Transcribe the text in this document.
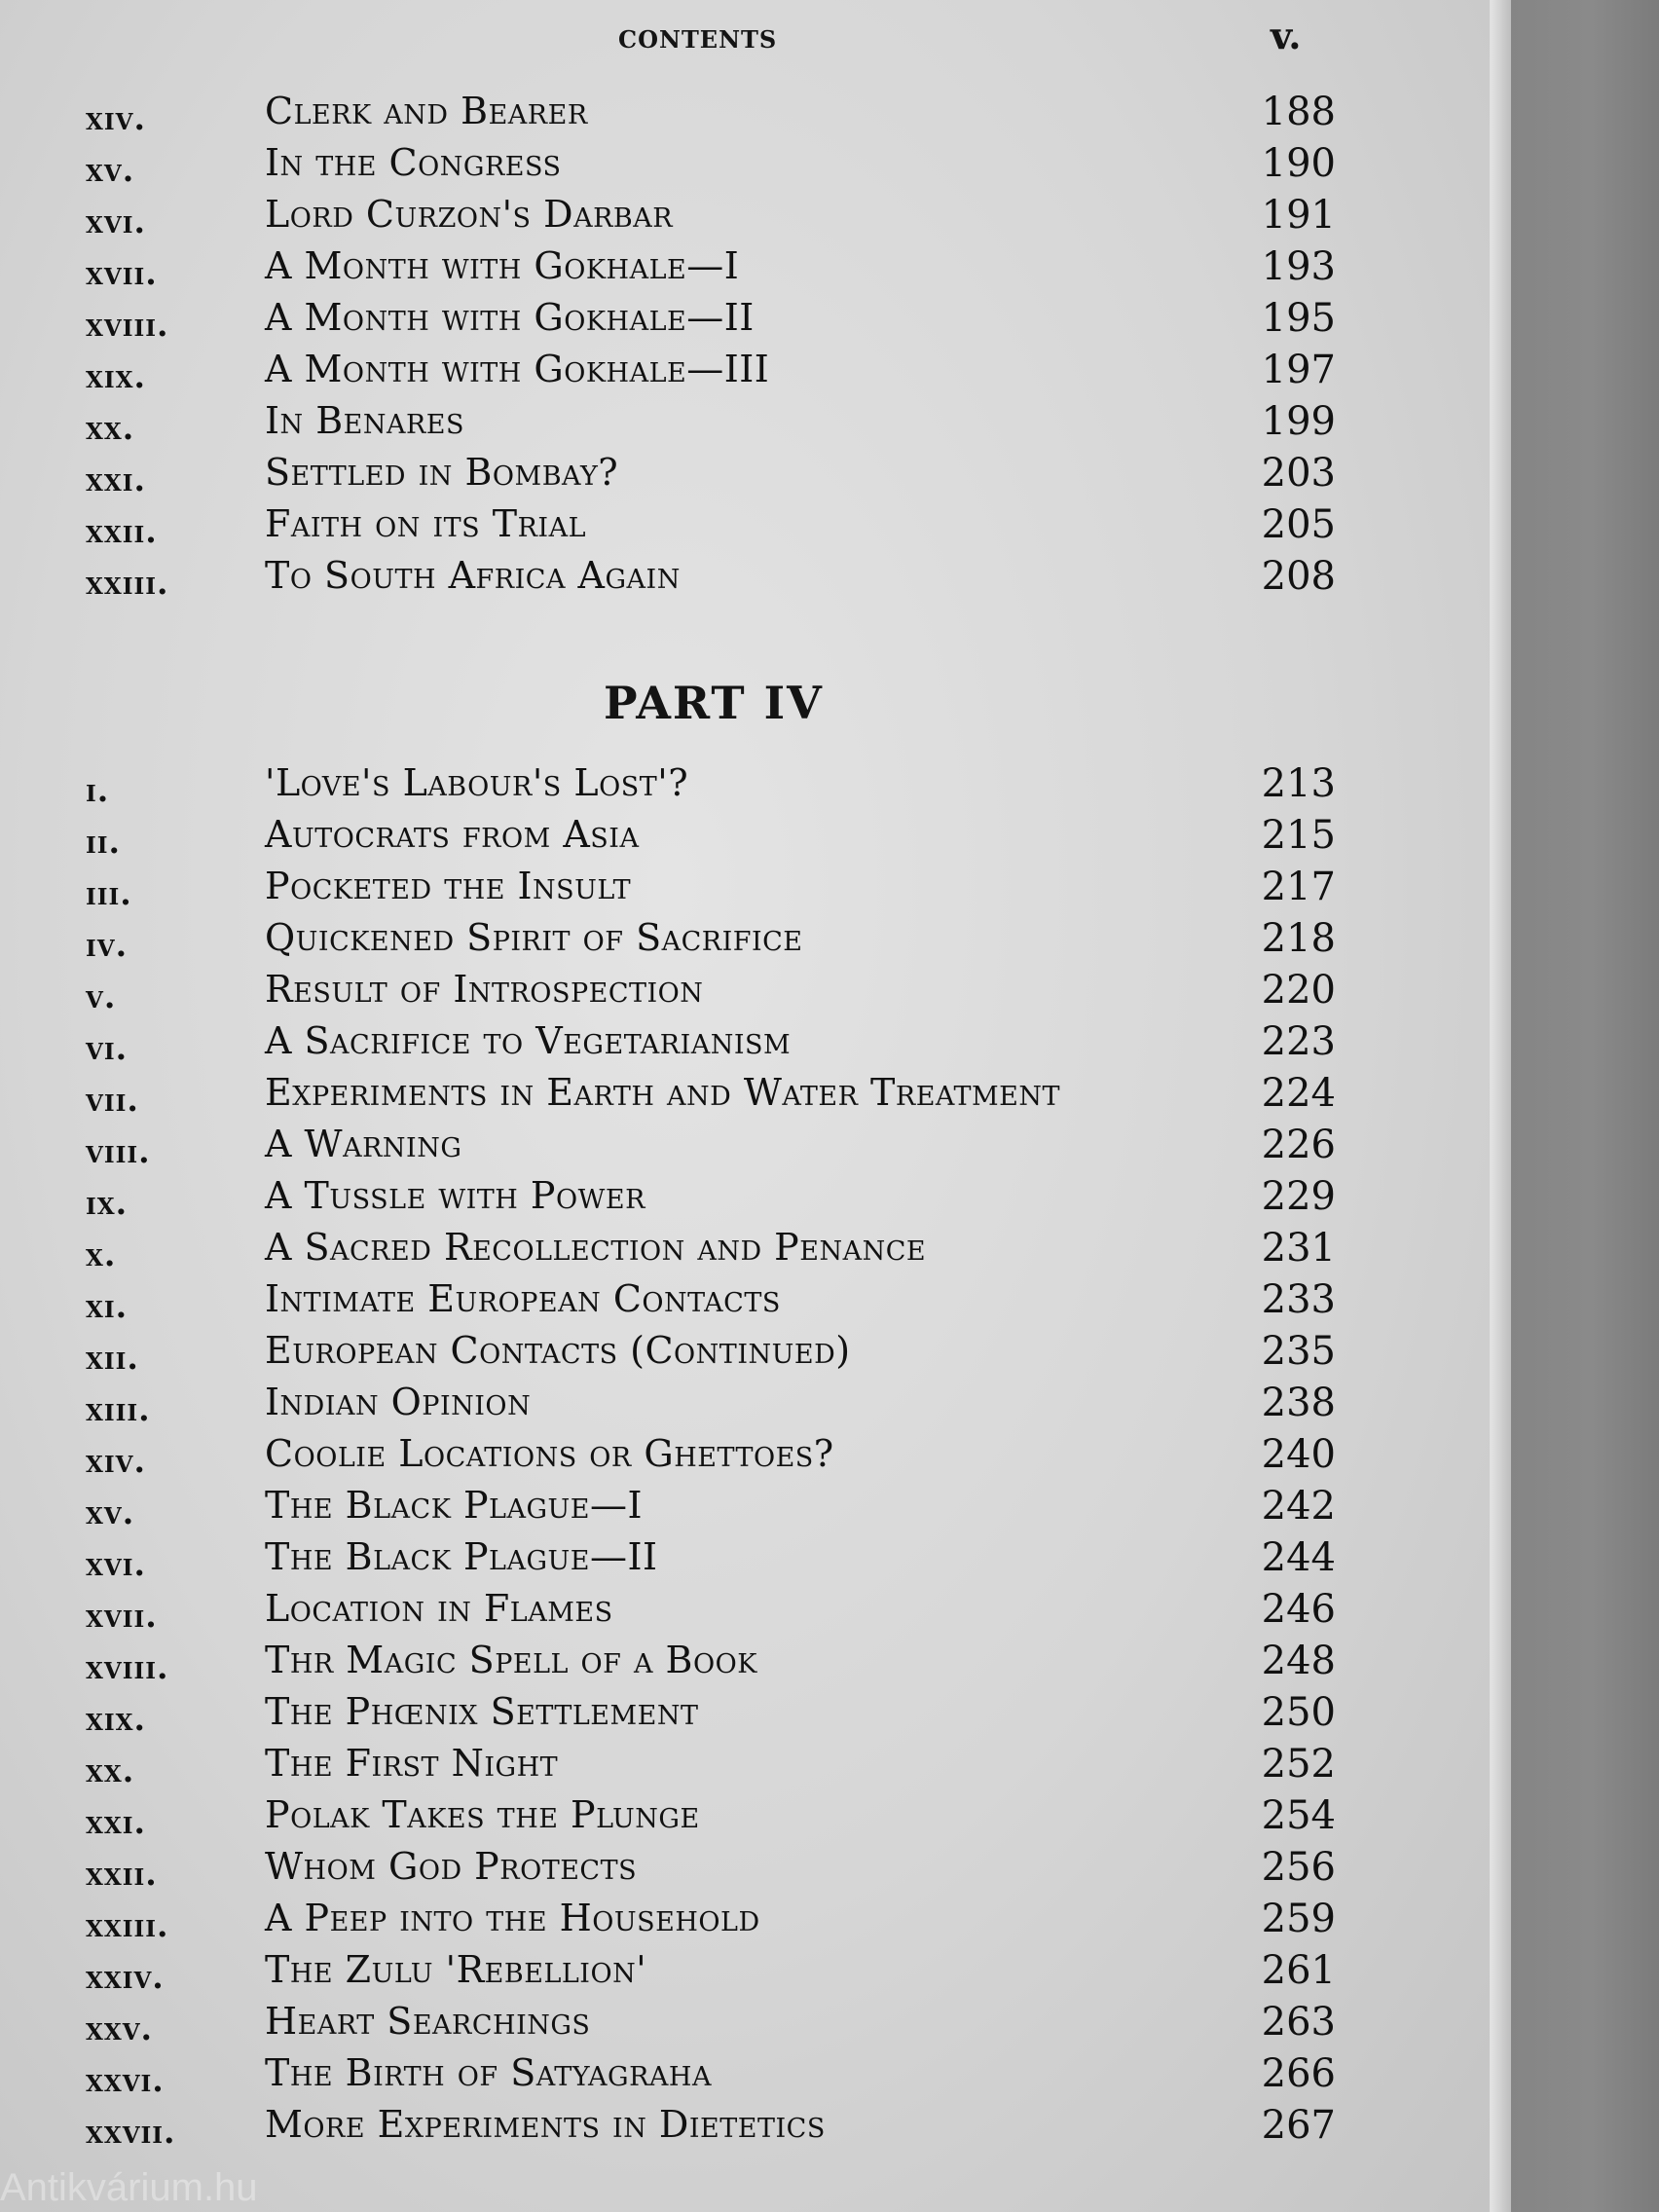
contents	v.
xiv.	Clerk and Bearer	188
xv.	In the Congress	190
xvi.	Lord Curzon's Darbar	191
xvii.	A Month with Gokhale—I	193
xviii.	A Month with Gokhale—II	195
xix.	A Month with Gokhale—III	197
xx.	In Benares	199
xxi.	Settled in Bombay?	203
xxii.	Faith on its Trial	205
xxiii.	To South Africa Again	208
PART IV
i.	'Love's Labour's Lost'?	213
ii.	Autocrats from Asia	215
iii.	Pocketed the Insult	217
iv.	Quickened Spirit of Sacrifice	218
v.	Result of Introspection	220
vi.	A Sacrifice to Vegetarianism	223
vii.	Experiments in Earth and Water Treatment	224
viii.	A Warning	226
ix.	A Tussle with Power	229
x.	A Sacred Recollection and Penance	231
xi.	Intimate European Contacts	233
xii.	European Contacts (Continued)	235
xiii.	Indian Opinion	238
xiv.	Coolie Locations or Ghettoes?	240
xv.	The Black Plague—I	242
xvi.	The Black Plague—II	244
xvii.	Location in Flames	246
xviii.	Thr Magic Spell of a Book	248
xix.	The Phœnix Settlement	250
xx.	The First Night	252
xxi.	Polak Takes the Plunge	254
xxii.	Whom God Protects	256
xxiii.	A Peep into the Household	259
xxiv.	The Zulu 'Rebellion'	261
xxv.	Heart Searchings	263
xxvi.	The Birth of Satyagraha	266
xxvii. More Experiments in Dietetics	267
Antikvárium.hu
